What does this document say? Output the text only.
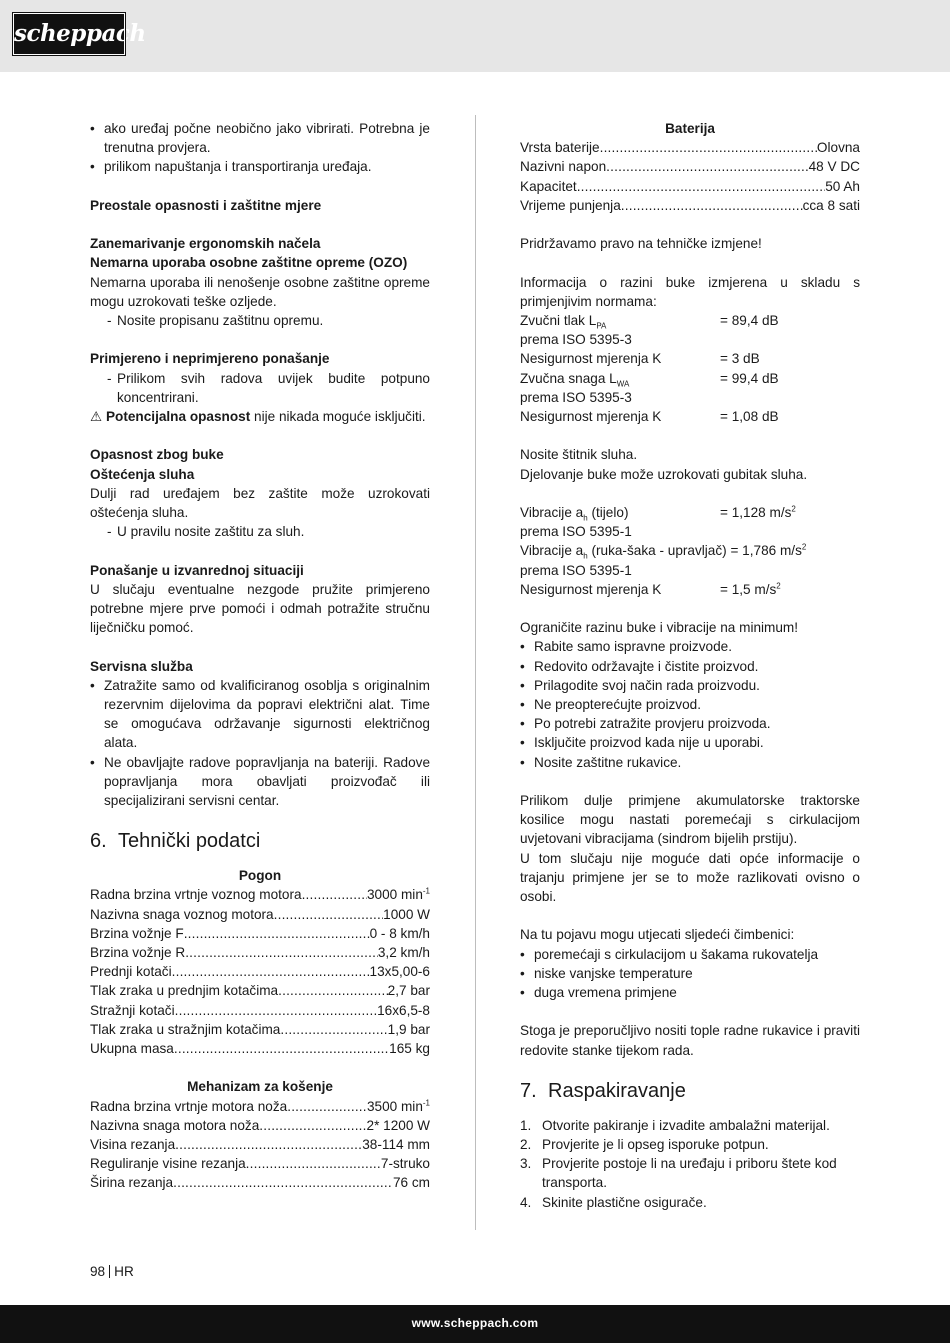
scheppach
• ako uređaj počne neobično jako vibrirati. Potrebna je trenutna provjera.
• prilikom napuštanja i transportiranja uređaja.

Preostale opasnosti i zaštitne mjere

Zanemarivanje ergonomskih načela

Nemarna uporaba osobne zaštitne opreme (OZO)

Nemarna uporaba ili nenošenje osobne zaštitne opreme mogu uzrokovati teške ozljede.

- Nosite propisanu zaštitnu opremu.

Primjereno i neprimjereno ponašanje

- Prilikom svih radova uvijek budite potpuno koncentrirani.

⚠ Potencijalna opasnost nije nikada moguće isključiti.

Opasnost zbog buke

Oštećenja sluha

Dulji rad uređajem bez zaštite može uzrokovati oštećenja sluha.

- U pravilu nosite zaštitu za sluh.

Ponašanje u izvanrednoj situaciji

U slučaju eventualne nezgode pružite primjereno potrebne mjere prve pomoći i odmah potražite stručnu liječničku pomoć.

Servisna služba

• Zatražite samo od kvalificiranog osoblja s originalnim rezervnim dijelovima da popravi električni alat. Time se omogućava održavanje sigurnosti električnog alata.
• Ne obavljajte radove popravljanja na bateriji. Radove popravljanja mora obavljati proizvođač ili specijalizirani servisni centar.
6. Tehnički podatci

Pogon

Radna brzina vrtnje voznog motora .....	3000 $\min^{-1}$
Nazivna snaga voznog motora .....	1000 W
Brzina vožnje F .....	0 - 8 km/h
Brzina vožnje R .....	3,2 km/h
Prednji kotači .....	13x5,00-6
Tlak zraka u prednjim kotačima .....	2,7 bar
Stražnji kotači .....	16x6,5-8
Tlak zraka u stražnjim kotačima .....	1,9 bar
Ukupna masa .....	165 kg

Mehanizam za košenje

Radna brzina vrtnje motora noža .....	3500 $\min^{-1}$
Nazivna snaga motora noža .....	2* 1200 W
Visina rezanja .....	38-114 mm
Reguliranje visine rezanja .....	7-struko
Širina rezanja .....	76 cm

Baterija

Vrsta baterije .....	Olovna
Nazivni napon .....	48 V DC
Kapacitet .....	50 Ah
Vrijeme punjenja .....	cca 8 sati

Pridržavamo pravo na tehničke izmjene!

Informacija o razini buke izmjerena u skladu s primjenjivim normama:

Zvučni tlak $L_{PA}$	= 89,4 dB
prema ISO 5395-3
Nesigurnost mjerenja K	= 3 dB
Zvučna snaga $L_{WA}$	= 99,4 dB
prema ISO 5395-3
Nesigurnost mjerenja K	= 1,08 dB

Nosite štitnik sluha.

Djelovanje buke može uzrokovati gubitak sluha.

Vibracije $a_h$ (tijelo)	= 1,128 $m/s^2$

prema ISO 5395-1

Vibracije $a_h$ (ruka-šaka - upravljač) = 1,786 $m/s^2$

prema ISO 5395-1

Nesigurnost mjerenja K	= 1,5 $m/s^2$

Ograničite razinu buke i vibracije na minimum!

• Rabite samo ispravne proizvode.
• Redovito održavajte i čistite proizvod.
• Prilagodite svoj način rada proizvodu.
• Ne preopterećujte proizvod.
• Po potrebi zatražite provjeru proizvoda.
• Isključite proizvod kada nije u uporabi.
• Nosite zaštitne rukavice.

Prilikom dulje primjene akumulatorske traktorske kosilice mogu nastati poremećaji s cirkulacijom uvjetovani vibracijama (sindrom bijelih prstiju).

U tom slučaju nije moguće dati opće informacije o trajanju primjene jer se to može razlikovati ovisno o osobi.

Na tu pojavu mogu utjecati sljedeći čimbenici:

• poremećaji s cirkulacijom u šakama rukovatelja
• niske vanjske temperature
• duga vremena primjene

Stoga je preporučljivo nositi tople radne rukavice i praviti redovite stanke tijekom rada.

7. Raspakiravanje
1. Otvorite pakiranje i izvadite ambalažni materijal.
2. Provjerite je li opseg isporuke potpun.
3. Provjerite postoje li na uređaju i priboru štete kod transporta.
4. Skinite plastične osigurače.
98 HR
www.scheppach.com
